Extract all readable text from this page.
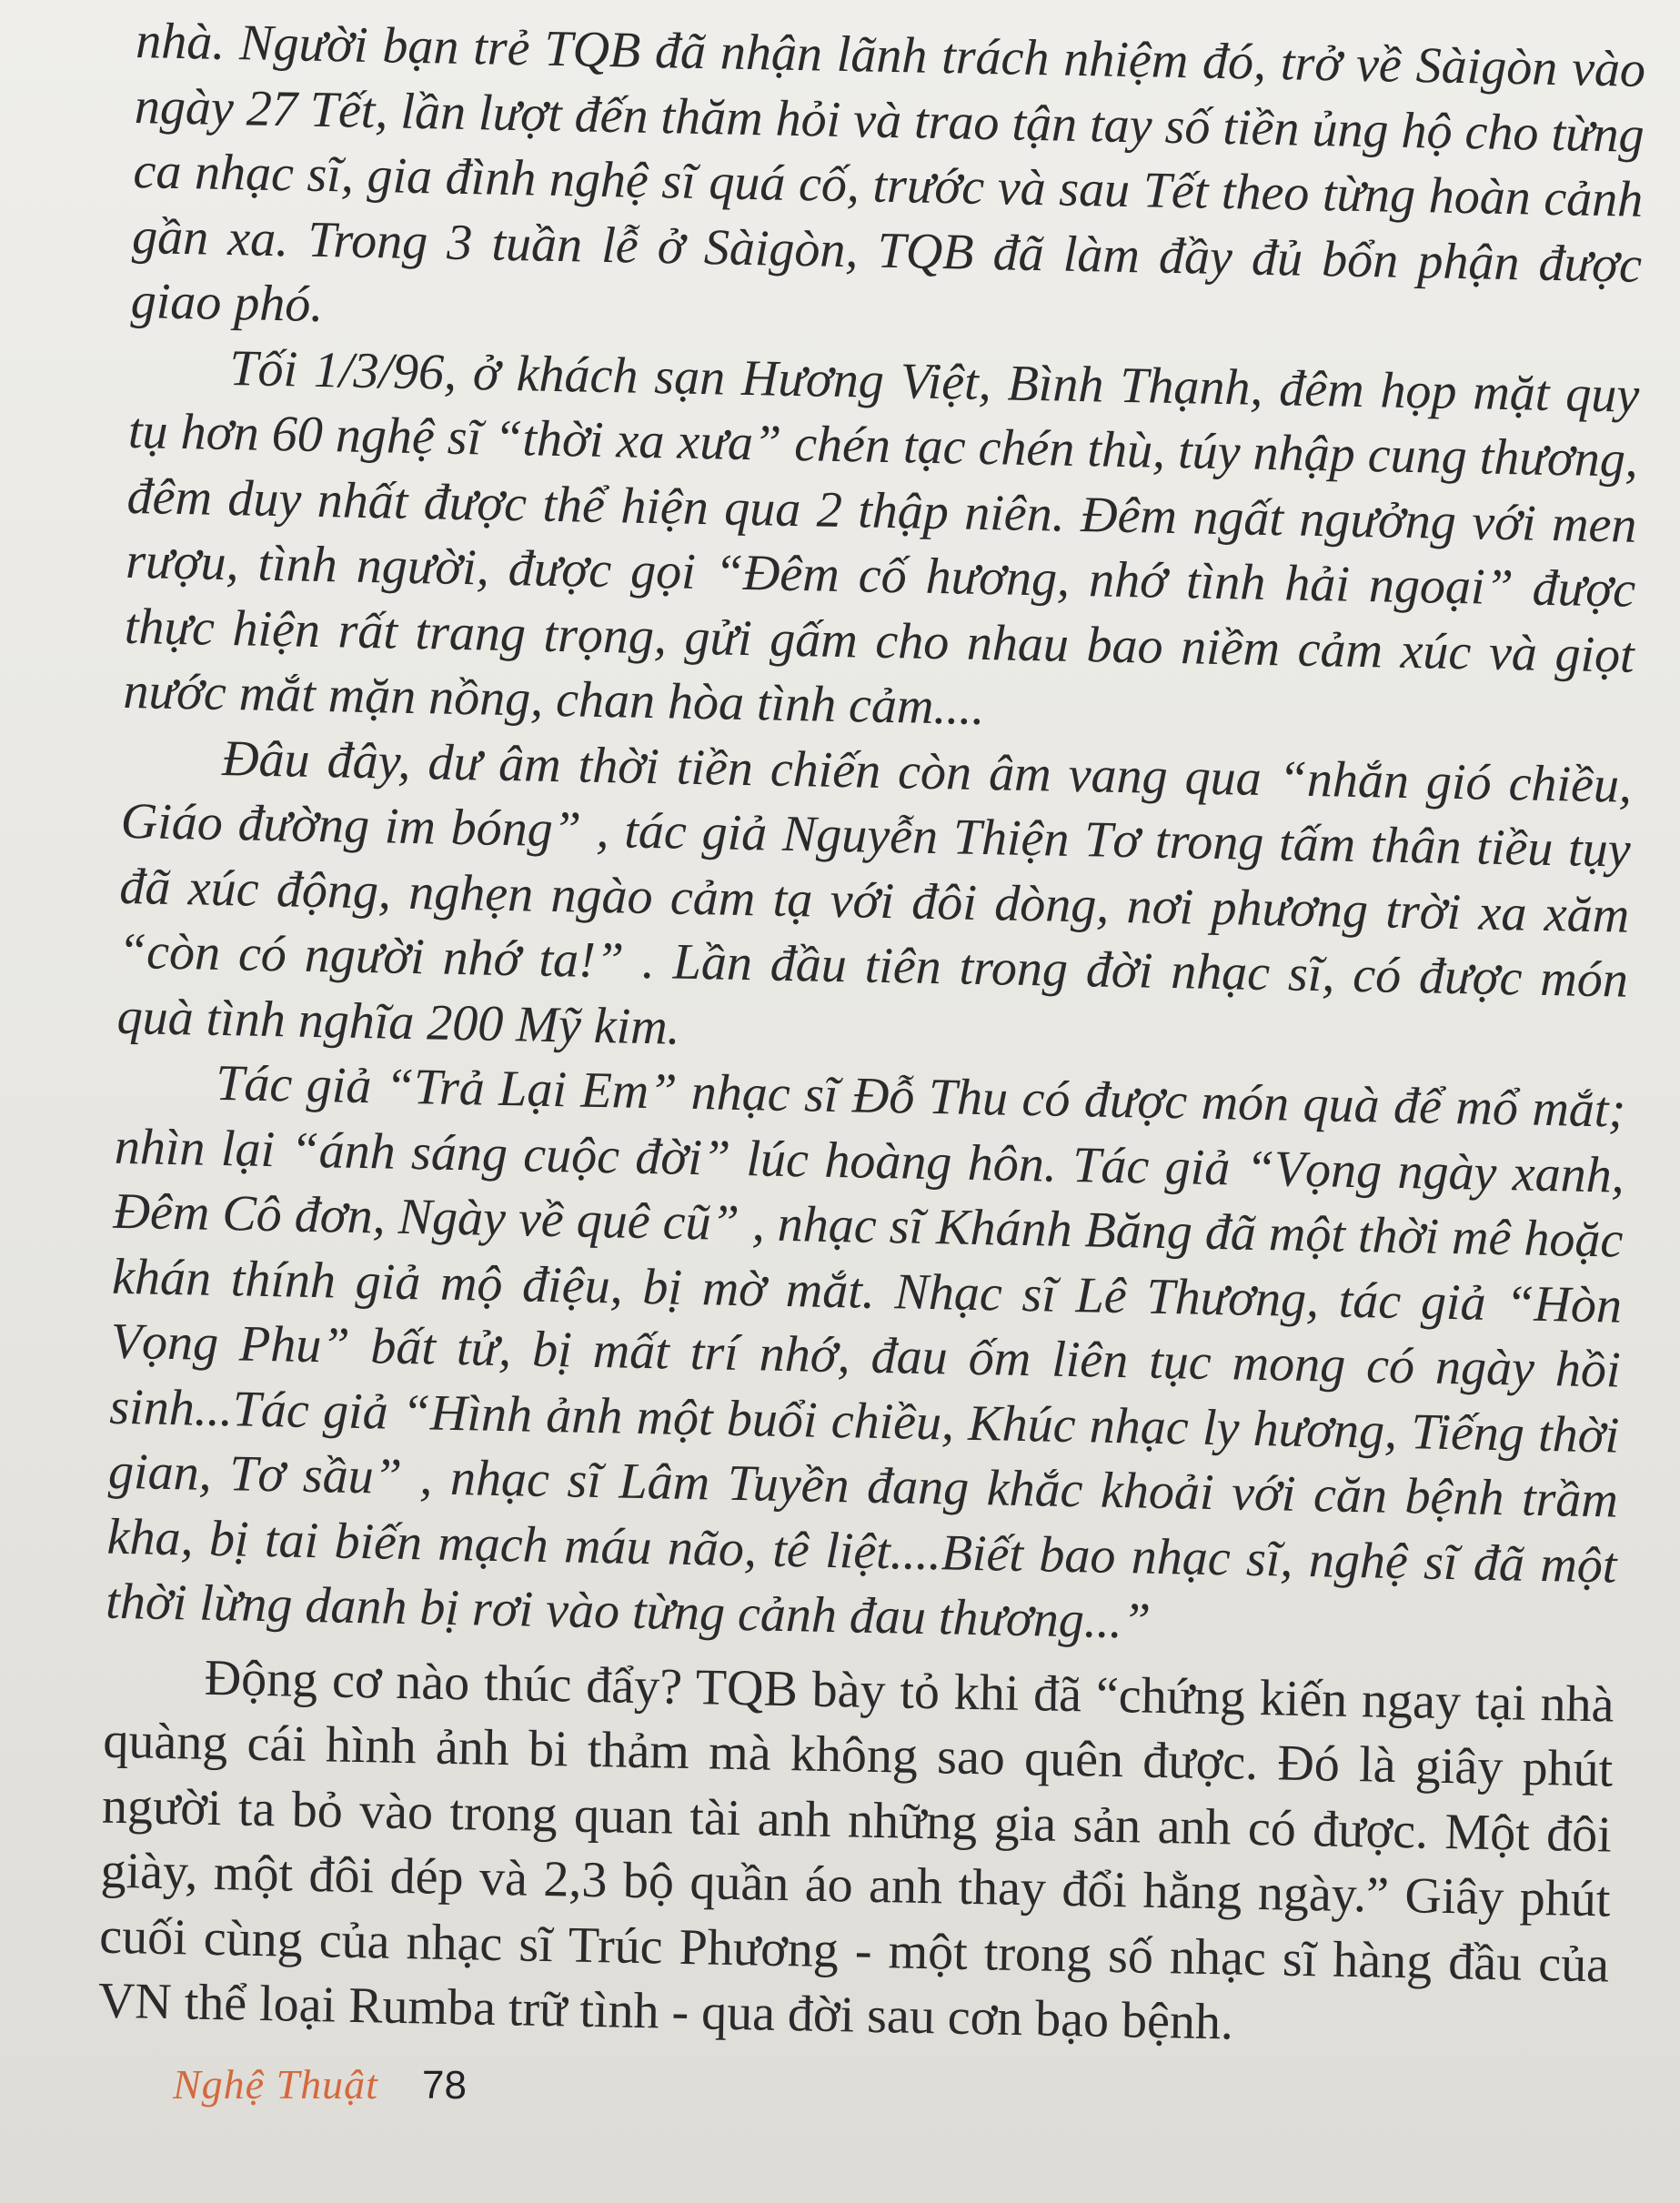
nhà. Người bạn trẻ TQB đã nhận lãnh trách nhiệm đó, trở về Sàigòn vào ngày 27 Tết, lần lượt đến thăm hỏi và trao tận tay số tiền ủng hộ cho từng ca nhạc sĩ, gia đình nghệ sĩ quá cố, trước và sau Tết theo từng hoàn cảnh gần xa. Trong 3 tuần lễ ở Sàigòn, TQB đã làm đầy đủ bổn phận được giao phó.

Tối 1/3/96, ở khách sạn Hương Việt, Bình Thạnh, đêm họp mặt quy tụ hơn 60 nghệ sĩ “thời xa xưa” chén tạc chén thù, túy nhập cung thương, đêm duy nhất được thể hiện qua 2 thập niên. Đêm ngất ngưởng với men rượu, tình người, được gọi “Đêm cố hương, nhớ tình hải ngoại” được thực hiện rất trang trọng, gửi gấm cho nhau bao niềm cảm xúc và giọt nước mắt mặn nồng, chan hòa tình cảm....

Đâu đây, dư âm thời tiền chiến còn âm vang qua “nhắn gió chiều, Giáo đường im bóng” , tác giả Nguyễn Thiện Tơ trong tấm thân tiều tụy đã xúc động, nghẹn ngào cảm tạ với đôi dòng, nơi phương trời xa xăm “còn có người nhớ ta!” . Lần đầu tiên trong đời nhạc sĩ, có được món quà tình nghĩa 200 Mỹ kim.

Tác giả “Trả Lại Em” nhạc sĩ Đỗ Thu có được món quà để mổ mắt; nhìn lại “ánh sáng cuộc đời” lúc hoàng hôn. Tác giả “Vọng ngày xanh, Đêm Cô đơn, Ngày về quê cũ” , nhạc sĩ Khánh Băng đã một thời mê hoặc khán thính giả mộ điệu, bị mờ mắt. Nhạc sĩ Lê Thương, tác giả “Hòn Vọng Phu” bất tử, bị mất trí nhớ, đau ốm liên tục mong có ngày hồi sinh...Tác giả “Hình ảnh một buổi chiều, Khúc nhạc ly hương, Tiếng thời gian, Tơ sầu” , nhạc sĩ Lâm Tuyền đang khắc khoải với căn bệnh trầm kha, bị tai biến mạch máu não, tê liệt....Biết bao nhạc sĩ, nghệ sĩ đã một thời lừng danh bị rơi vào từng cảnh đau thương...”

Động cơ nào thúc đẩy? TQB bày tỏ khi đã “chứng kiến ngay tại nhà quàng cái hình ảnh bi thảm mà không sao quên được. Đó là giây phút người ta bỏ vào trong quan tài anh những gia sản anh có được. Một đôi giày, một đôi dép và 2,3 bộ quần áo anh thay đổi hằng ngày.” Giây phút cuối cùng của nhạc sĩ Trúc Phương - một trong số nhạc sĩ hàng đầu của VN thể loại Rumba trữ tình - qua đời sau cơn bạo bệnh.

Nghệ Thuật 78
